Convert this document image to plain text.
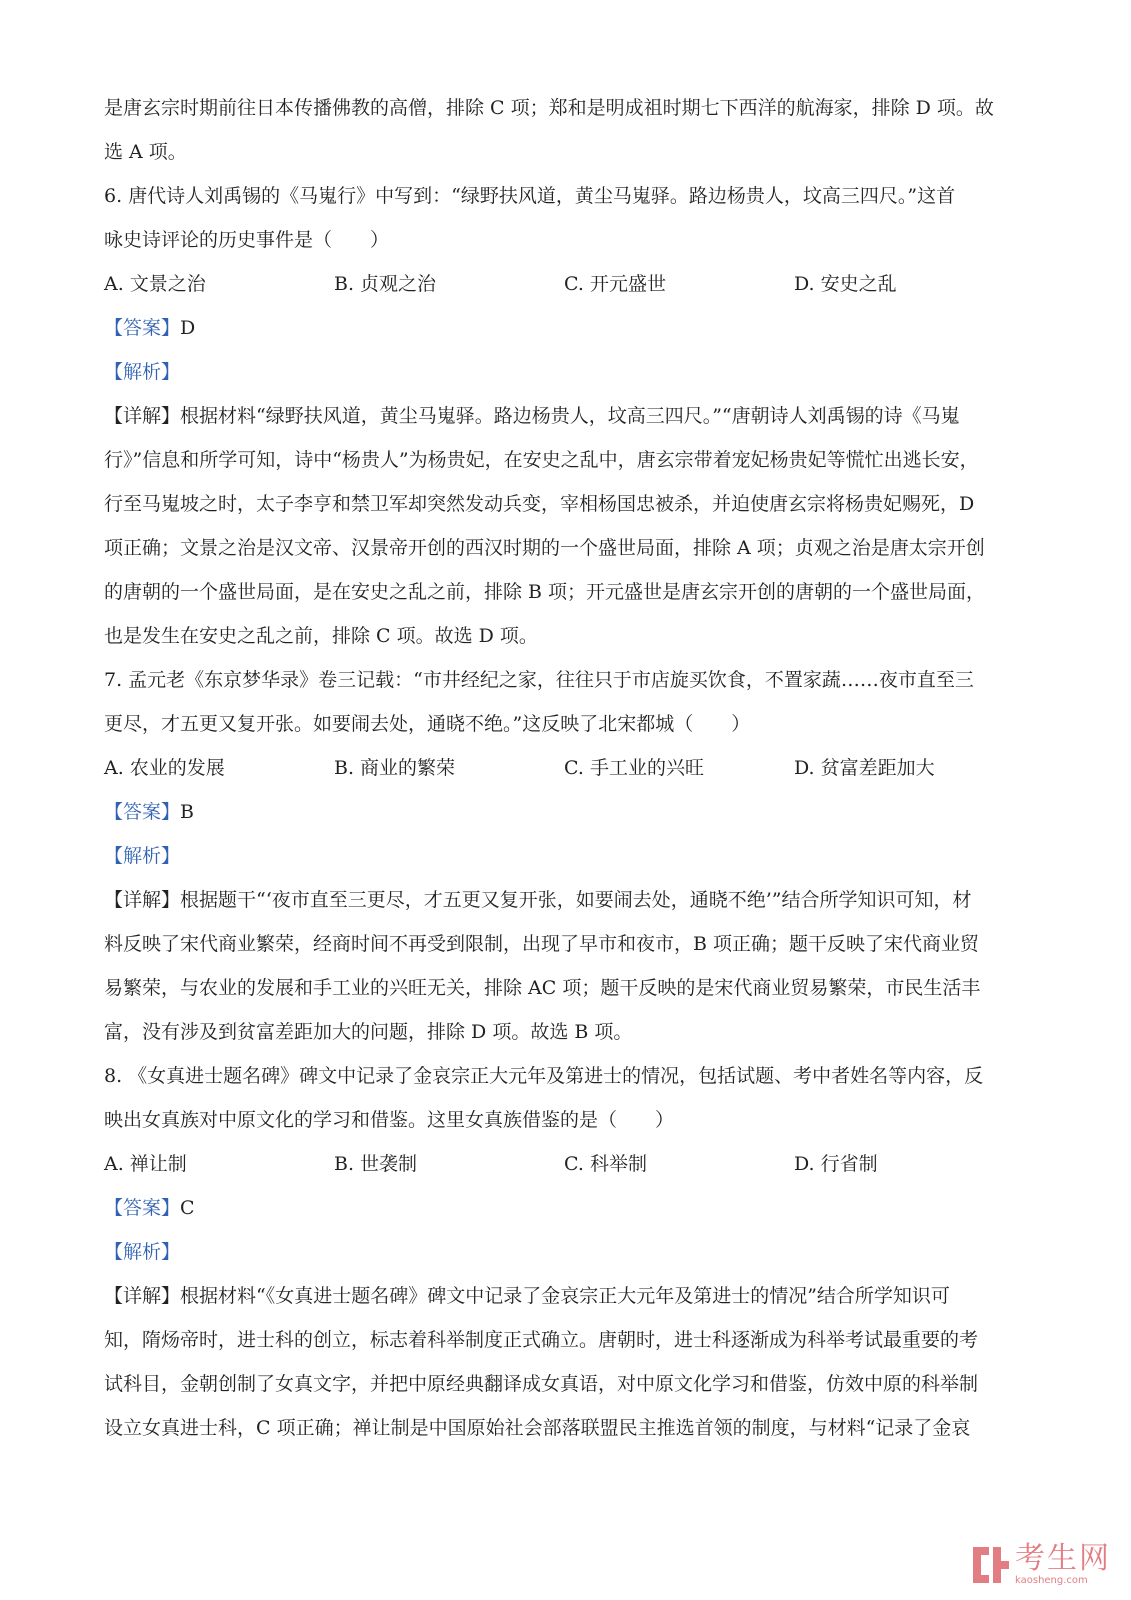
是唐玄宗时期前往日本传播佛教的高僧，排除 C 项；郑和是明成祖时期七下西洋的航海家，排除 D 项。故
选 A 项。
6. 唐代诗人刘禹锡的《马嵬行》中写到：“绿野扶风道，黄尘马嵬驿。路边杨贵人，坟高三四尺。”这首
咏史诗评论的历史事件是（　　）
A. 文景之治	B. 贞观之治	C. 开元盛世	D. 安史之乱
【答案】D
【解析】
【详解】根据材料“绿野扶风道，黄尘马嵬驿。路边杨贵人，坟高三四尺。”“唐朝诗人刘禹锡的诗《马嵬
行》”信息和所学可知，诗中“杨贵人”为杨贵妃，在安史之乱中，唐玄宗带着宠妃杨贵妃等慌忙出逃长安，
行至马嵬坡之时，太子李亨和禁卫军却突然发动兵变，宰相杨国忠被杀，并迫使唐玄宗将杨贵妃赐死，D
项正确；文景之治是汉文帝、汉景帝开创的西汉时期的一个盛世局面，排除 A 项；贞观之治是唐太宗开创
的唐朝的一个盛世局面，是在安史之乱之前，排除 B 项；开元盛世是唐玄宗开创的唐朝的一个盛世局面，
也是发生在安史之乱之前，排除 C 项。故选 D 项。
7. 孟元老《东京梦华录》卷三记载：“市井经纪之家，往往只于市店旋买饮食，不置家蔬……夜市直至三
更尽，才五更又复开张。如要闹去处，通晓不绝。”这反映了北宋都城（　　）
A. 农业的发展	B. 商业的繁荣	C. 手工业的兴旺	D. 贫富差距加大
【答案】B
【解析】
【详解】根据题干“‘夜市直至三更尽，才五更又复开张，如要闹去处，通晓不绝’”结合所学知识可知，材
料反映了宋代商业繁荣，经商时间不再受到限制，出现了早市和夜市，B 项正确；题干反映了宋代商业贸
易繁荣，与农业的发展和手工业的兴旺无关，排除 AC 项；题干反映的是宋代商业贸易繁荣，市民生活丰
富，没有涉及到贫富差距加大的问题，排除 D 项。故选 B 项。
8. 《女真进士题名碑》碑文中记录了金哀宗正大元年及第进士的情况，包括试题、考中者姓名等内容，反
映出女真族对中原文化的学习和借鉴。这里女真族借鉴的是（　　）
A. 禅让制	B. 世袭制	C. 科举制	D. 行省制
【答案】C
【解析】
【详解】根据材料“《女真进士题名碑》碑文中记录了金哀宗正大元年及第进士的情况”结合所学知识可
知，隋炀帝时，进士科的创立，标志着科举制度正式确立。唐朝时，进士科逐渐成为科举考试最重要的考
试科目，金朝创制了女真文字，并把中原经典翻译成女真语，对中原文化学习和借鉴，仿效中原的科举制
设立女真进士科，C 项正确；禅让制是中国原始社会部落联盟民主推选首领的制度，与材料“记录了金哀
考生网
kaosheng.com
